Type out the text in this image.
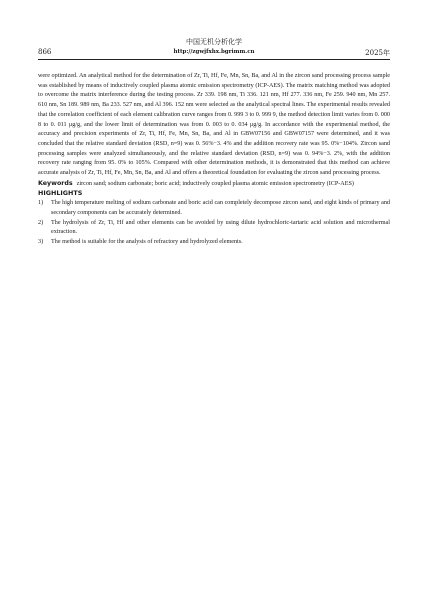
中国无机分析化学
866	http://zgwjfxhx.bgrimm.cn	2025年

were optimized. An analytical method for the determination of Zr, Ti, Hf, Fe, Mn, Sn, Ba, and Al in the zircon sand processing process sample was established by means of inductively coupled plasma atomic emission spectrometry (ICP-AES). The matrix matching method was adopted to overcome the matrix interference during the testing process. Zr 339. 198 nm, Ti 336. 121 nm, Hf 277. 336 nm, Fe 259. 940 nm, Mn 257. 610 nm, Sn 189. 989 nm, Ba 233. 527 nm, and Al 396. 152 nm were selected as the analytical spectral lines. The experimental results revealed that the correlation coefficient of each element calibration curve ranges from 0. 999 3 to 0. 999 9, the method detection limit varies from 0. 000 8 to 0. 011 μg/g, and the lower limit of determination was from 0. 003 to 0. 034 μg/g. In accordance with the experimental method, the accuracy and precision experiments of Zr, Ti, Hf, Fe, Mn, Sn, Ba, and Al in GBW07156 and GBW07157 were determined, and it was concluded that the relative standard deviation (RSD, n=9) was 0. 56%−3. 4% and the addition recovery rate was 95. 0%−104%. Zircon sand processing samples were analyzed simultaneously, and the relative standard deviation (RSD, n=9) was 0. 94%−3. 2%, with the addition recovery rate ranging from 95. 0% to 105%. Compared with other determination methods, it is demonstrated that this method can achieve accurate analysis of Zr, Ti, Hf, Fe, Mn, Sn, Ba, and Al and offers a theoretical foundation for evaluating the zircon sand processing process.

Keywords zircon sand; sodium carbonate; boric acid; inductively coupled plasma atomic emission spectrometry (ICP-AES)

HIGHLIGHTS

1)	The high temperature melting of sodium carbonate and boric acid can completely decompose zircon sand, and eight kinds of primary and secondary components can be accurately determined.
2)	The hydrolysis of Zr, Ti, Hf and other elements can be avoided by using dilute hydrochloric-tartaric acid solution and microthermal extraction.
3)	The method is suitable for the analysis of refractory and hydrolyzed elements.
